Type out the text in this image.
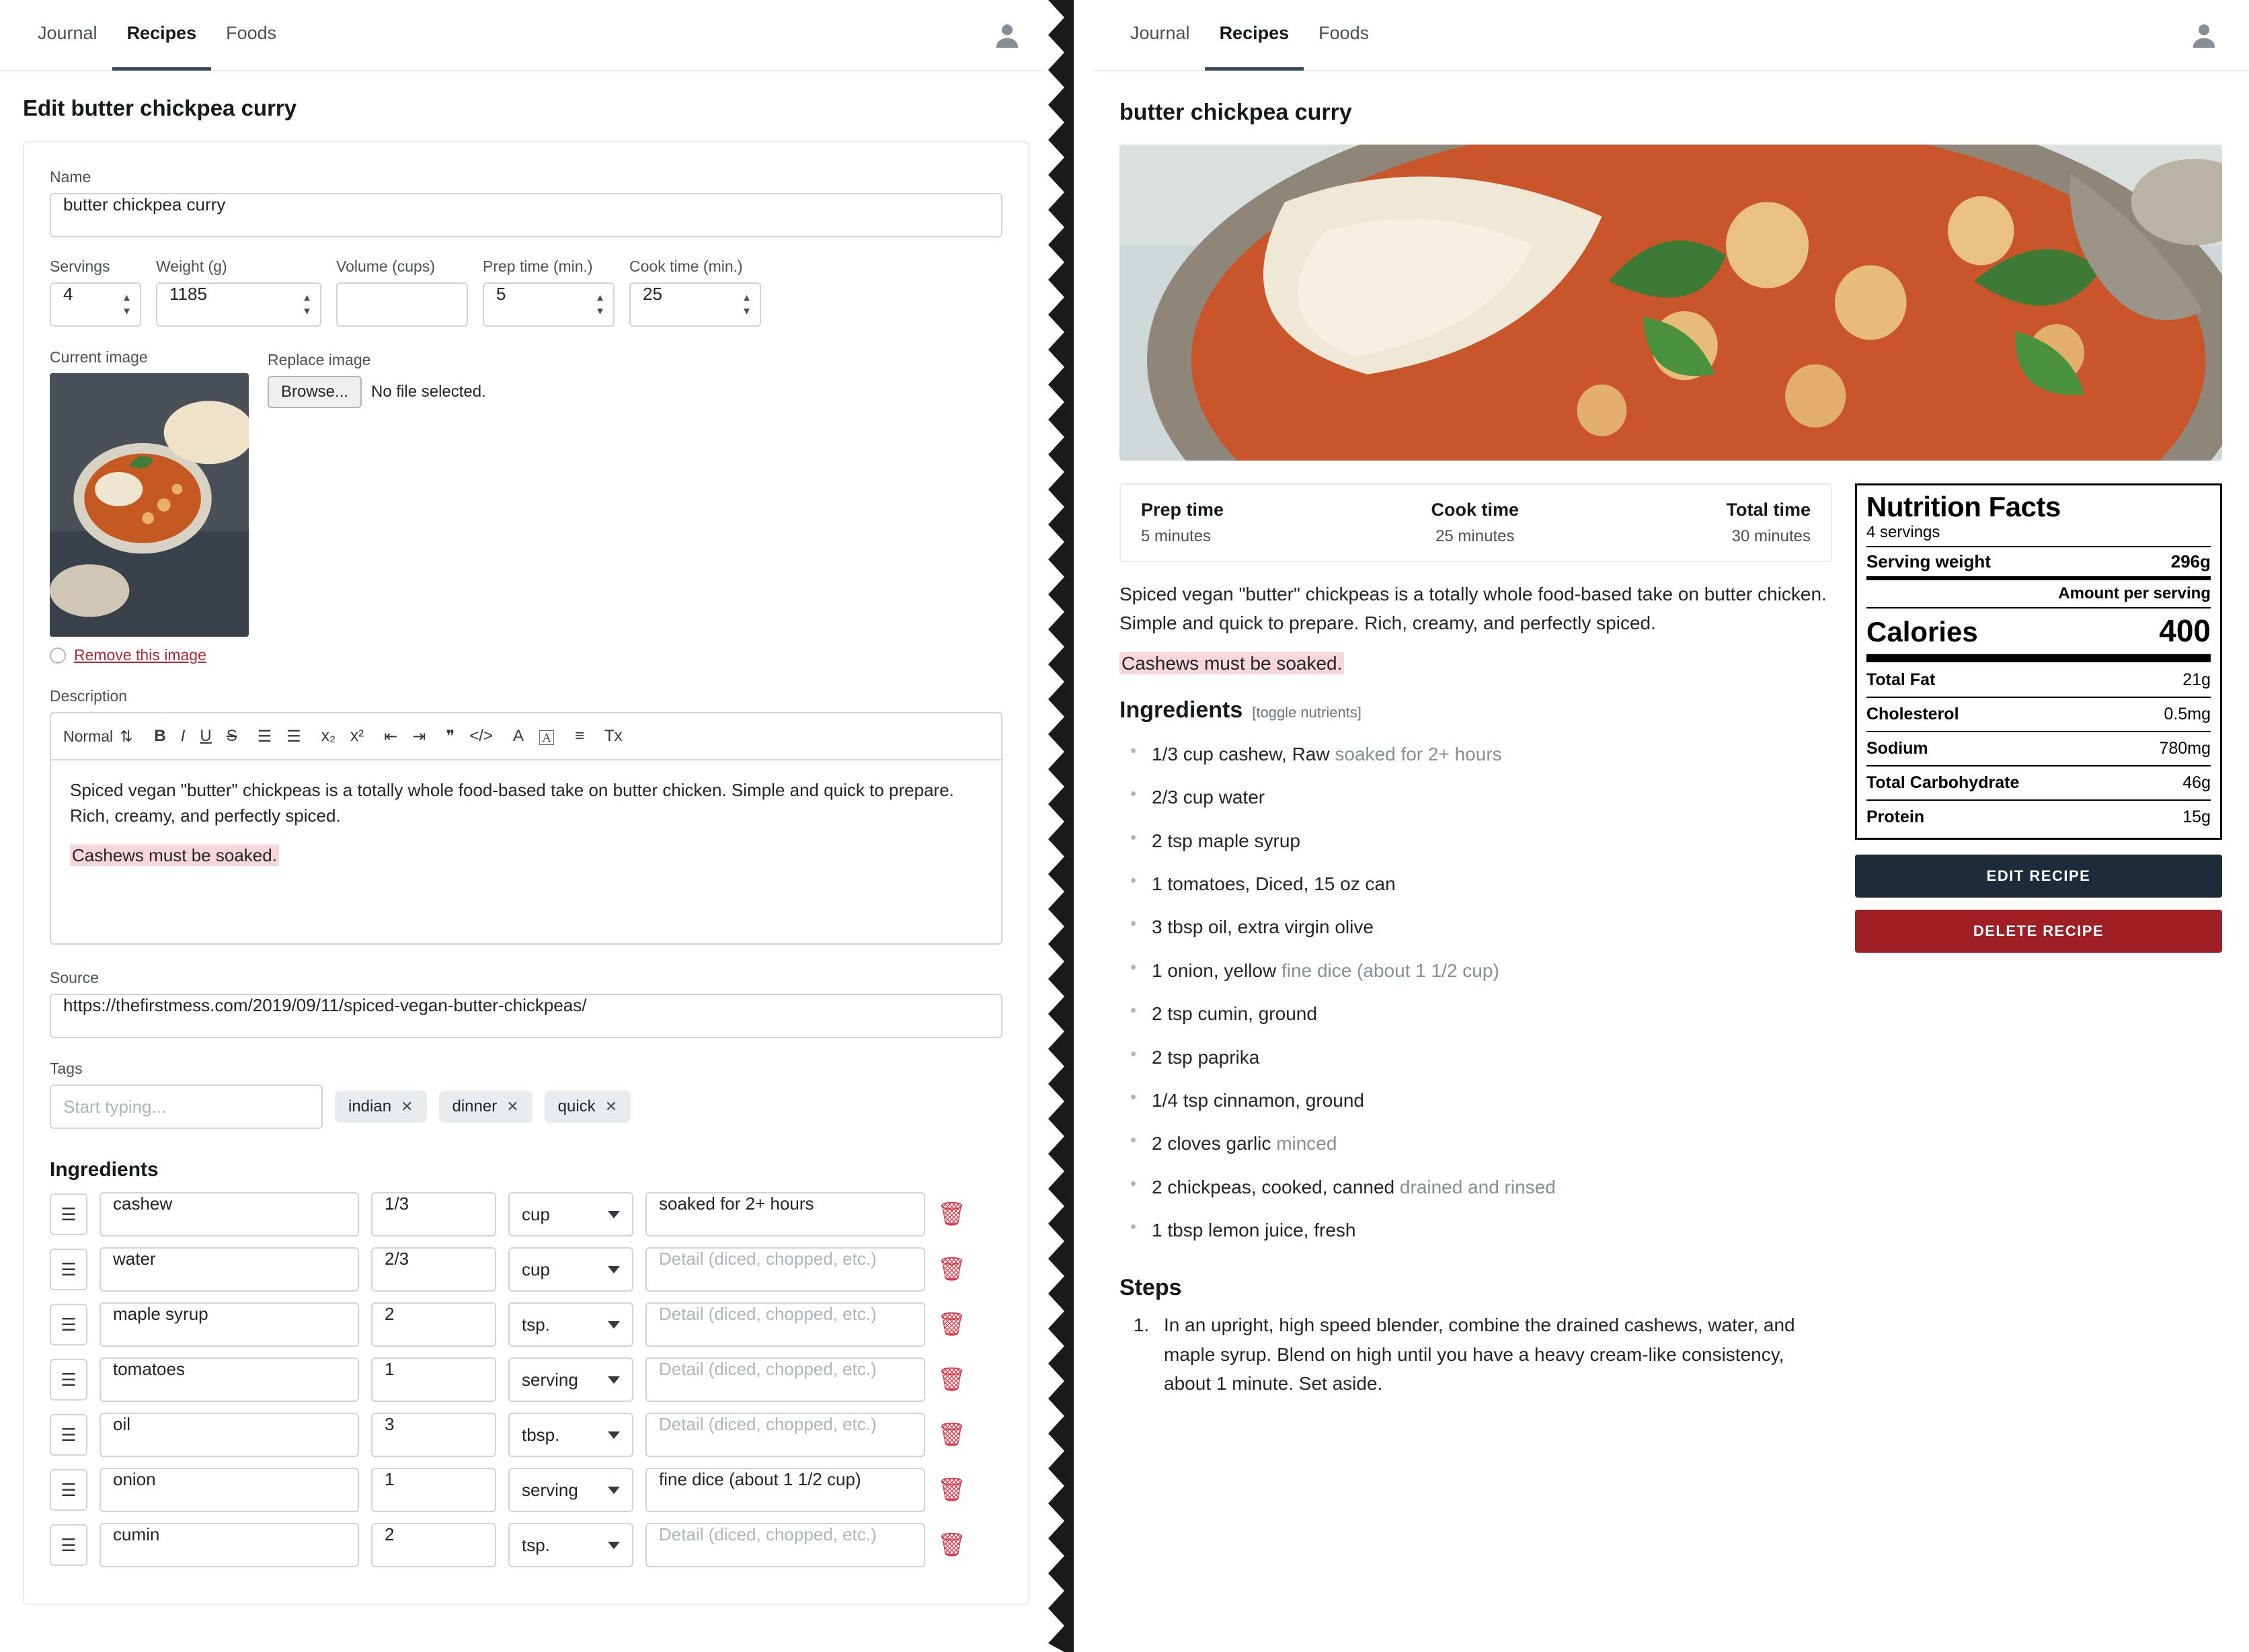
Journal	Recipes	Foods
Edit butter chickpea curry
Name
butter chickpea curry
Servings
4	▲
▼
Weight (g)
1185	▲
▼
Volume (cups)	Prep time (min.)
5	▲
▼
Cook time (min.)
25	▲
▼
Current image
Remove this image
Replace image
Browse...	No file selected.
Description
Normal ⇅	B I U S	☰ ☰	x₂ x²	⇤ ⇥	❞ </>	A 🄰	≡	Tx
Spiced vegan "butter" chickpeas is a totally whole food-based take on butter chicken. Simple and quick to prepare. Rich, creamy, and perfectly spiced.
Cashews must be soaked.
Source
https://thefirstmess.com/2019/09/11/spiced-vegan-butter-chickpeas/
Tags
Start typing...	indian ✕ dinner ✕ quick ✕
Ingredients
☰
cashew	1/3
cup
soaked for 2+ hours	🗑
☰
water	2/3
cup
Detail (diced, chopped, etc.)	🗑
☰
maple syrup	2
tsp.
Detail (diced, chopped, etc.)	🗑
☰
tomatoes	1
serving
Detail (diced, chopped, etc.)	🗑
☰
oil	3
tbsp.
Detail (diced, chopped, etc.)	🗑
☰
onion	1
serving
fine dice (about 1 1/2 cup)	🗑
☰
cumin	2
tsp.
Detail (diced, chopped, etc.)	🗑
Journal	Recipes	Foods
butter chickpea curry
Prep time
5 minutes
Cook time
25 minutes
Total time
30 minutes
Spiced vegan "butter" chickpeas is a totally whole food-based take on butter chicken. Simple and quick to prepare. Rich, creamy, and perfectly spiced.
Cashews must be soaked.
Ingredients [toggle nutrients]
• 1/3 cup cashew, Raw soaked for 2+ hours
• 2/3 cup water
• 2 tsp maple syrup
• 1 tomatoes, Diced, 15 oz can
• 3 tbsp oil, extra virgin olive
• 1 onion, yellow fine dice (about 1 1/2 cup)
• 2 tsp cumin, ground
• 2 tsp paprika
• 1/4 tsp cinnamon, ground
• 2 cloves garlic minced
• 2 chickpeas, cooked, canned drained and rinsed
• 1 tbsp lemon juice, fresh
Steps
1. In an upright, high speed blender, combine the drained cashews, water, and maple syrup. Blend on high until you have a heavy cream-like consistency, about 1 minute. Set aside.
Nutrition Facts
4 servings
Serving weight	296g
Amount per serving
Calories	400
Total Fat	21g
Cholesterol	0.5mg
Sodium	780mg
Total Carbohydrate	46g
Protein	15g
EDIT RECIPE
DELETE RECIPE
